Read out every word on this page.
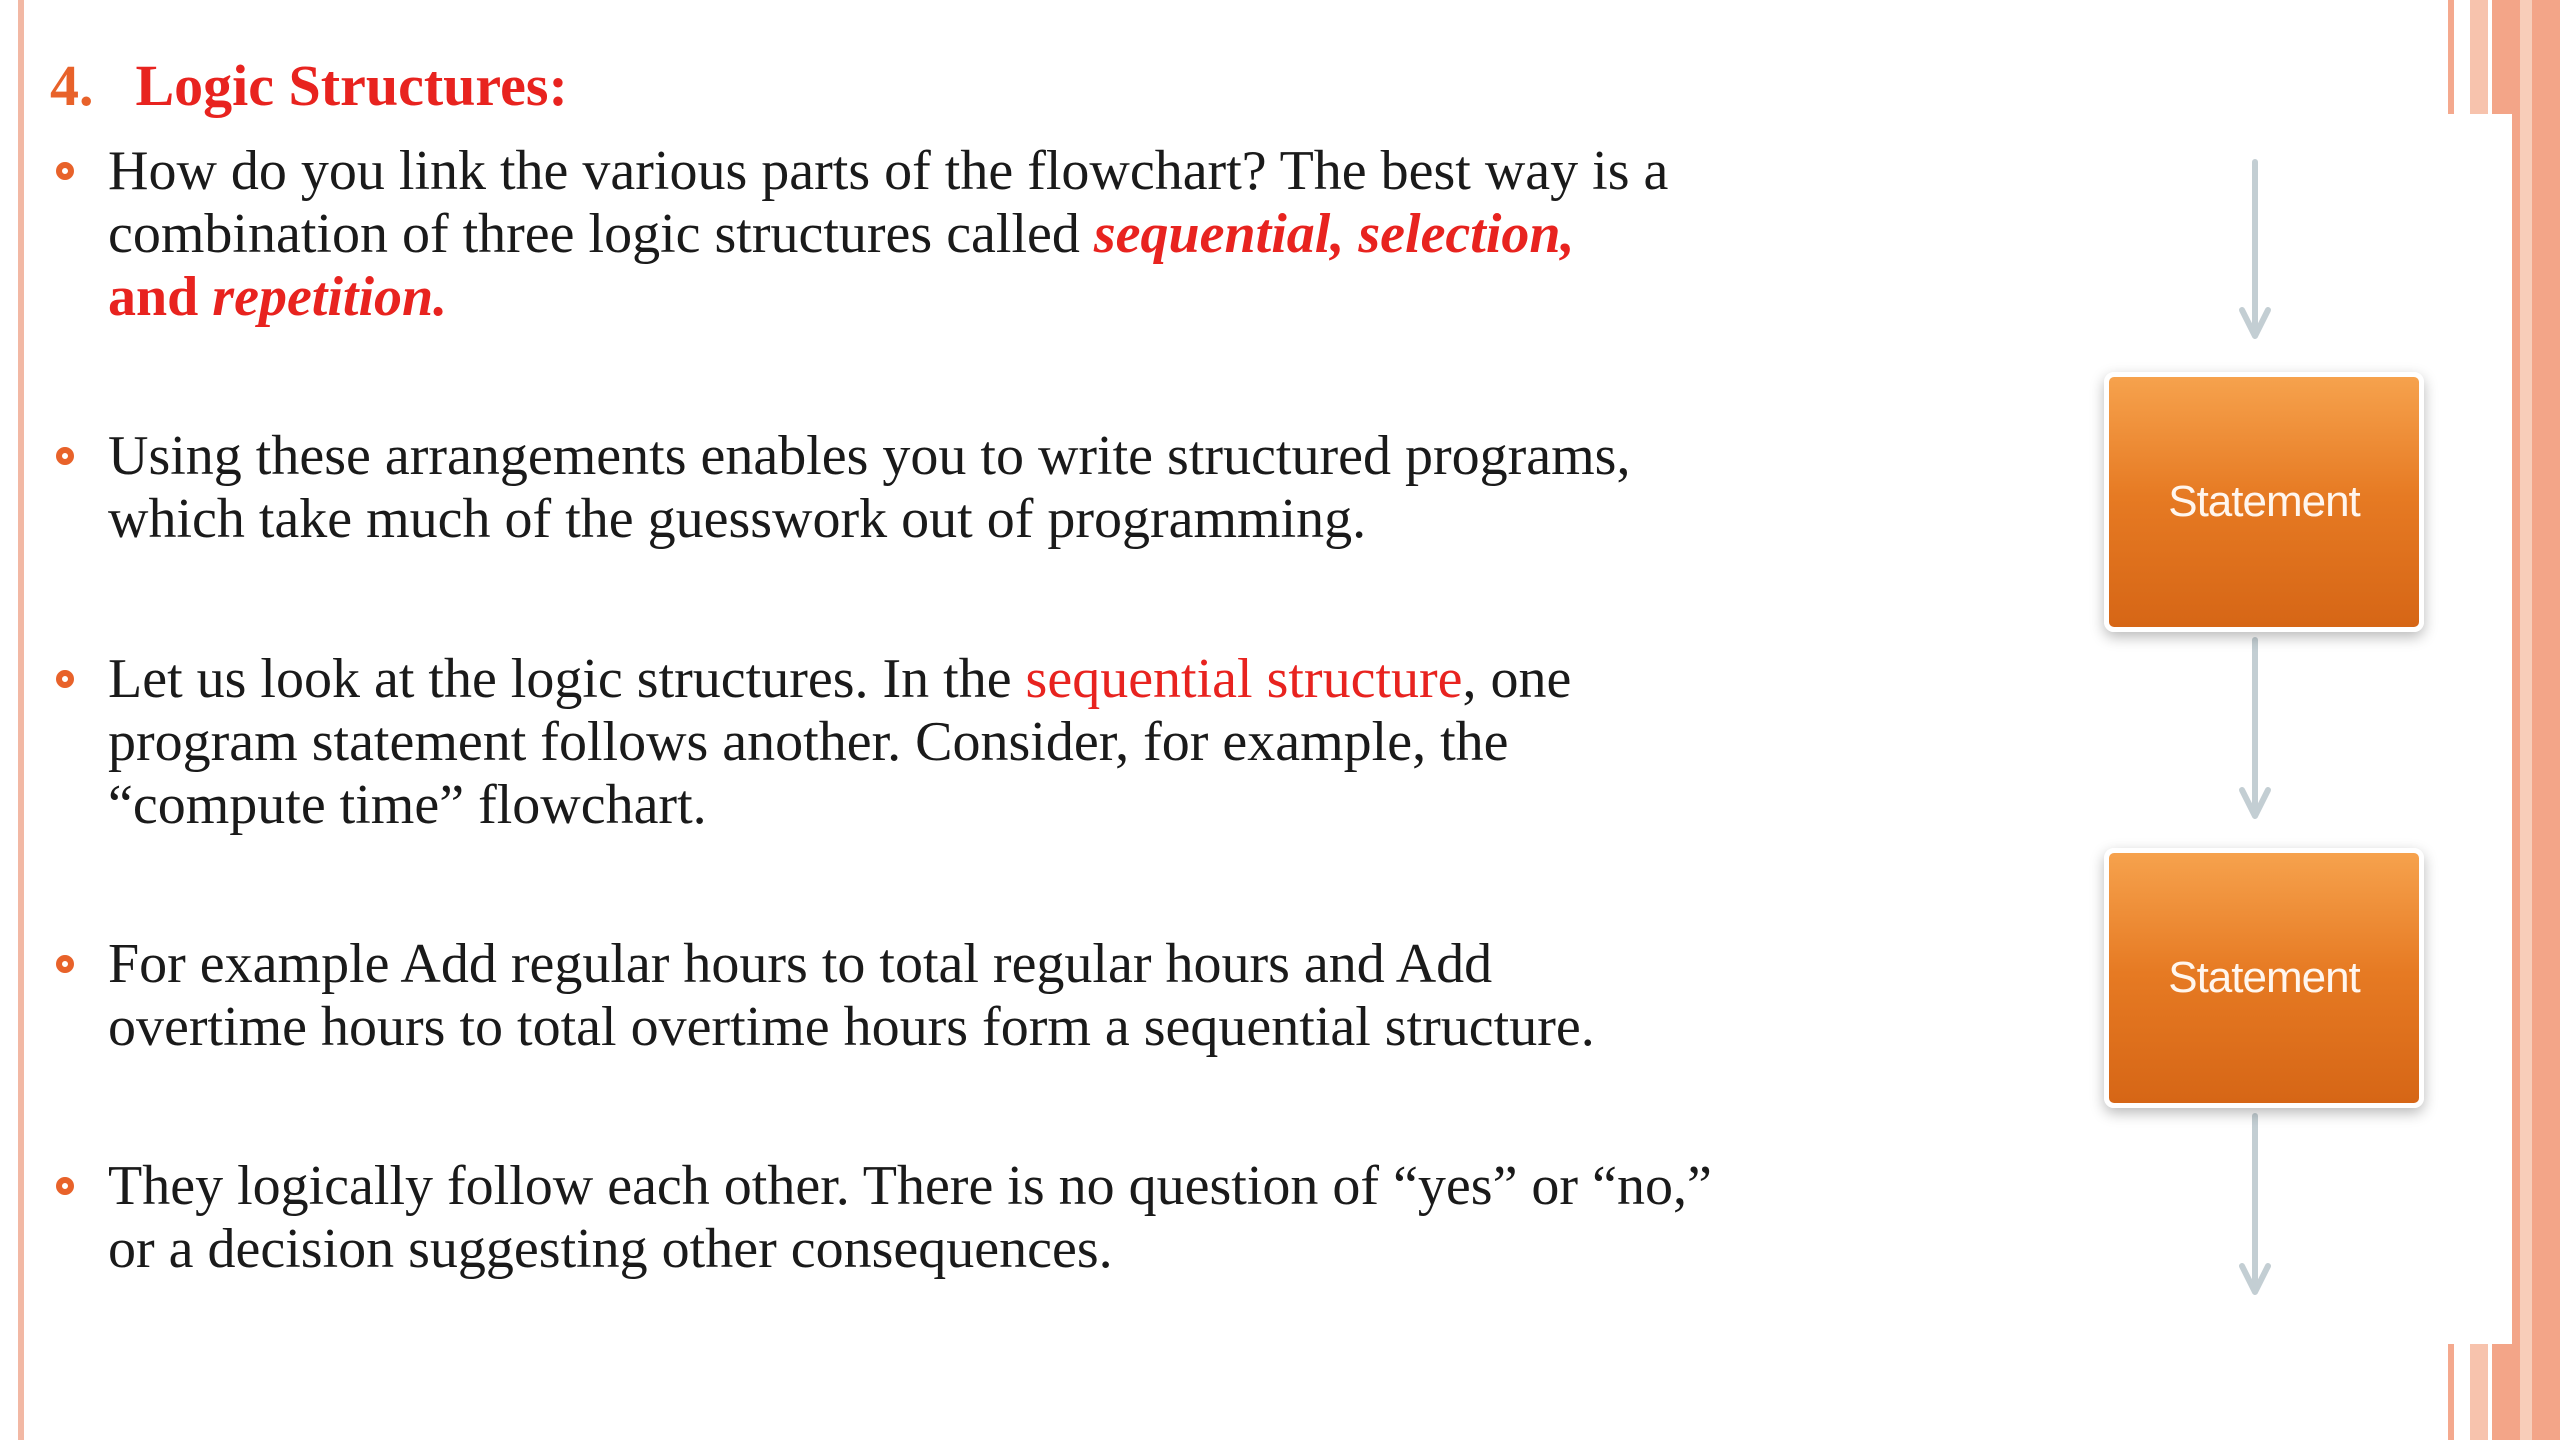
4. Logic Structures:
How do you link the various parts of the flowchart? The best way is a
combination of three logic structures called sequential, selection,
and repetition.
Using these arrangements enables you to write structured programs,
which take much of the guesswork out of programming.
Let us look at the logic structures. In the sequential structure, one
program statement follows another. Consider, for example, the
“compute time” flowchart.
For example Add regular hours to total regular hours and Add
overtime hours to total overtime hours form a sequential structure.
They logically follow each other. There is no question of “yes” or “no,”
or a decision suggesting other consequences.
Statement
Statement
